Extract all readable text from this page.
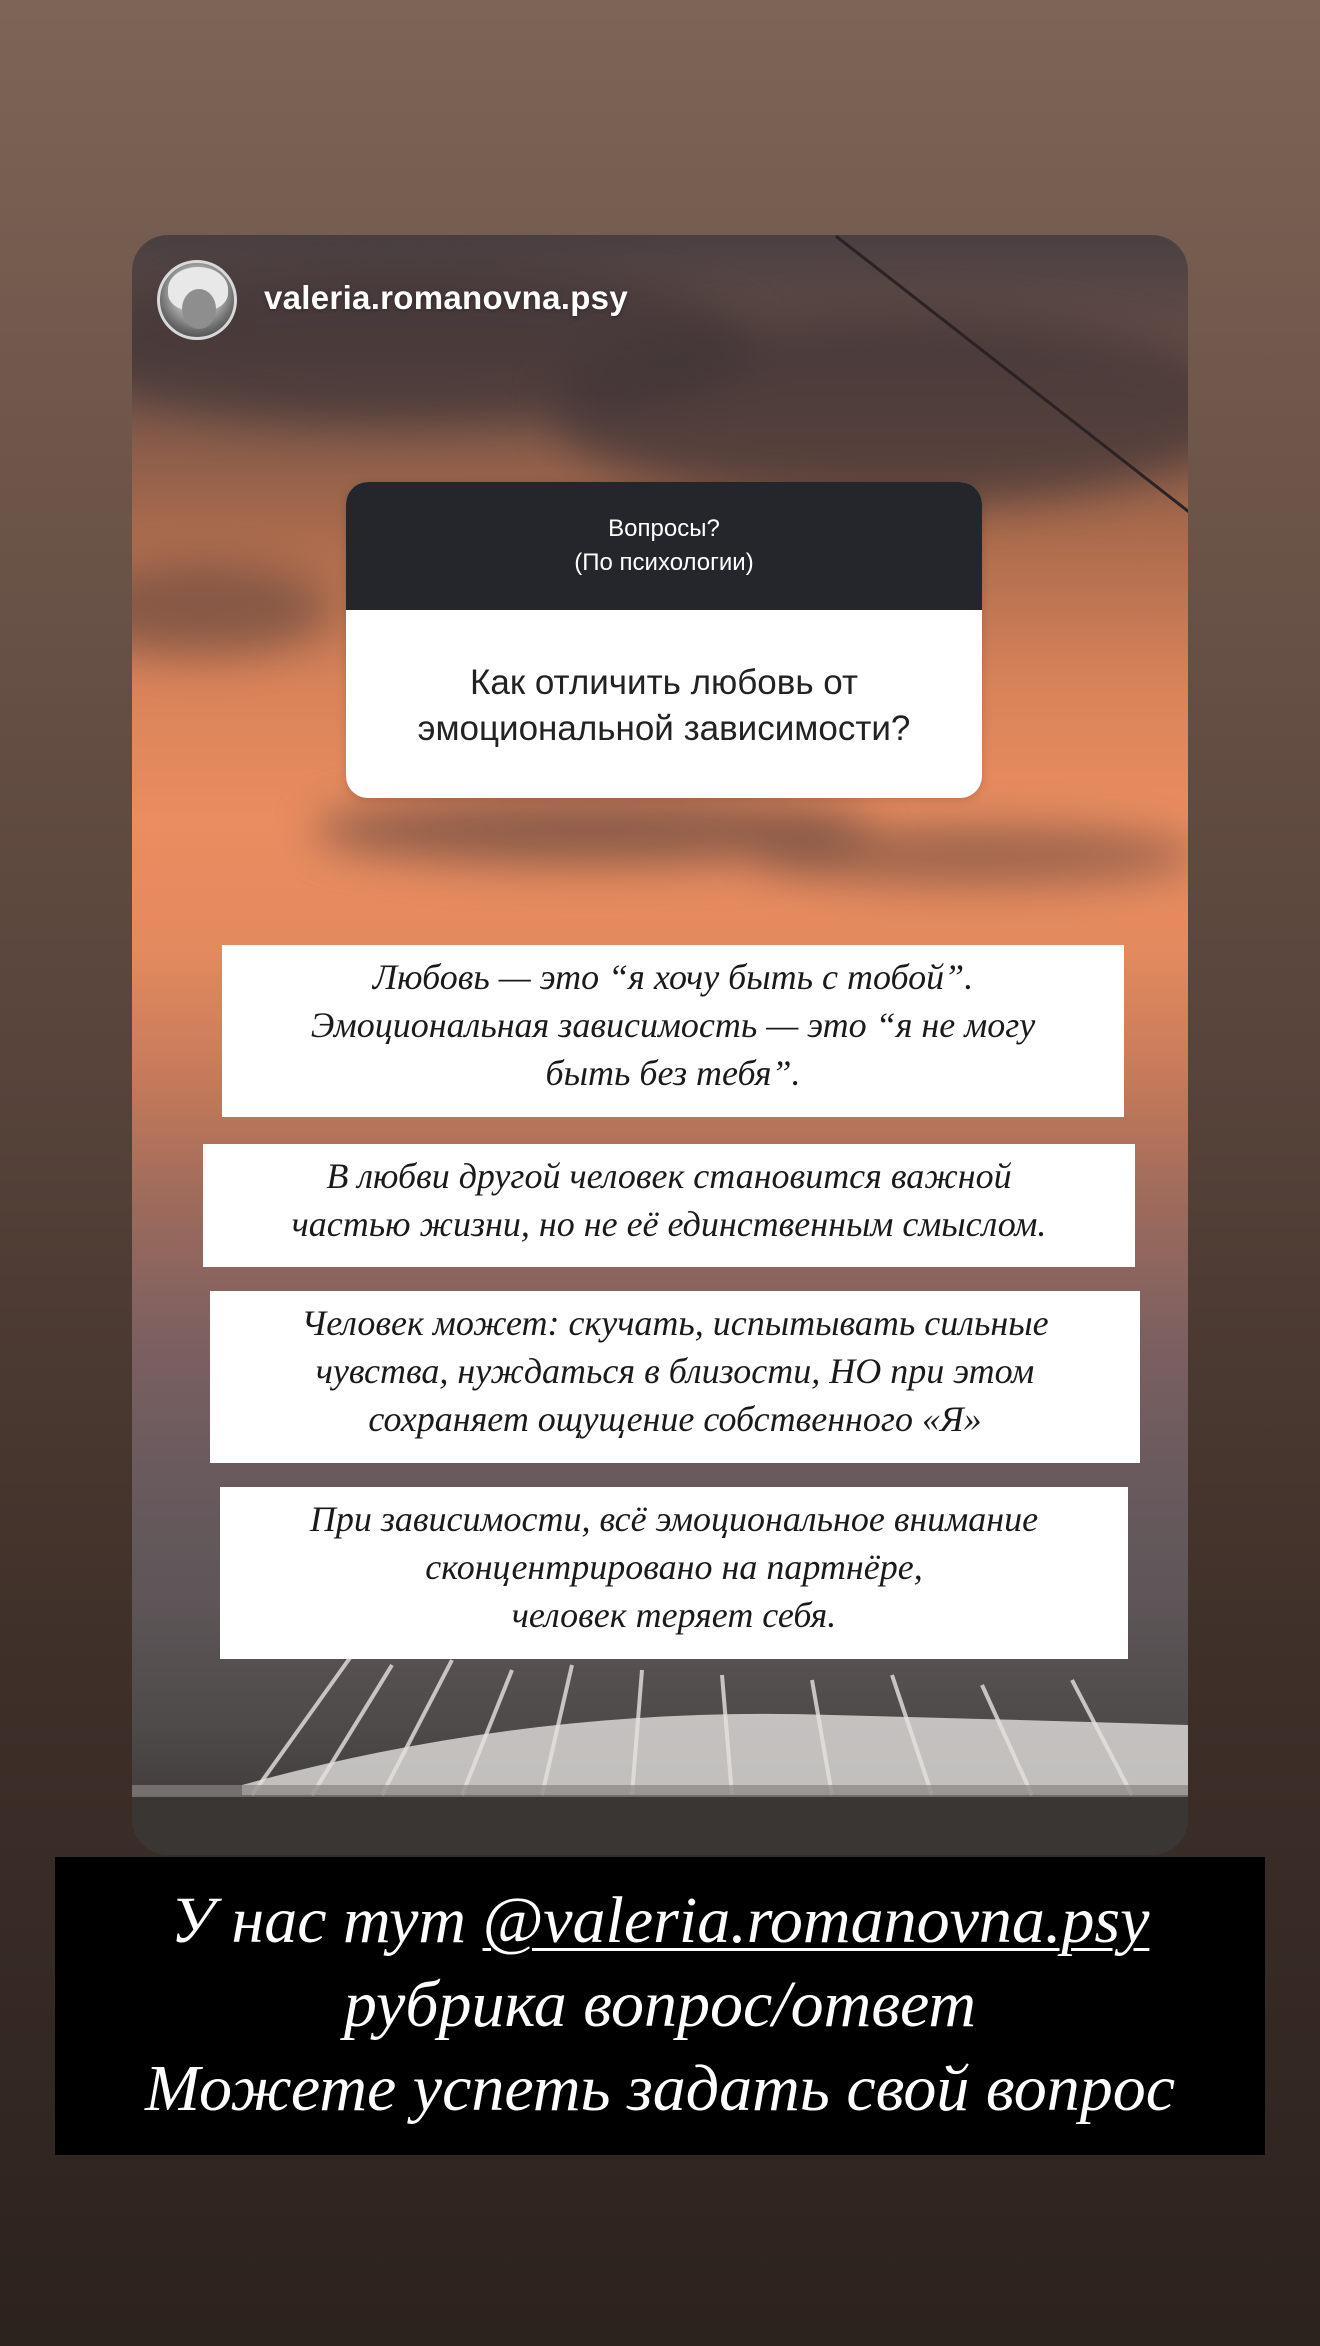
valeria.romanovna.psy
Вопросы?
(По психологии)
Как отличить любовь от
эмоциональной зависимости?
Любовь — это “я хочу быть с тобой”.
Эмоциональная зависимость — это “я не могу
быть без тебя”.
В любви другой человек становится важной
частью жизни, но не её единственным смыслом.
Человек может: скучать, испытывать сильные
чувства, нуждаться в близости, НО при этом
сохраняет ощущение собственного «Я»
При зависимости, всё эмоциональное внимание
сконцентрировано на партнёре,
человек теряет себя.
У нас тут @valeria.romanovna.psy
рубрика вопрос/ответ
Можете успеть задать свой вопрос
